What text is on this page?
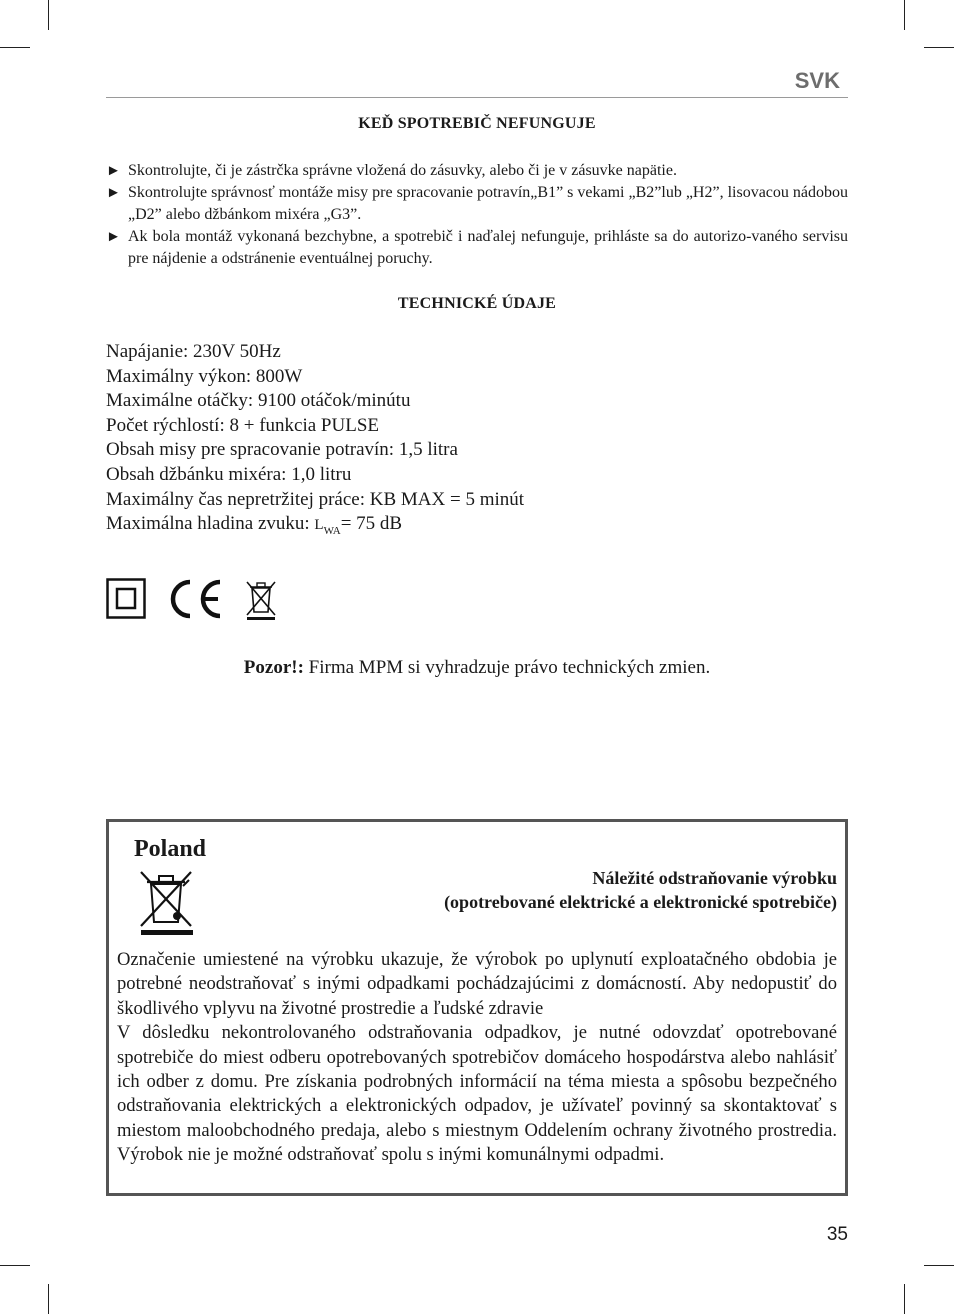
SVK
KEĎ SPOTREBIČ NEFUNGUJE
► Skontrolujte, či je zástrčka správne vložená do zásuvky, alebo či je v zásuvke napätie.
► Skontrolujte správnosť montáže misy pre spracovanie potravín„B1” s vekami „B2”lub „H2”, lisovacou nádobou „D2” alebo džbánkom mixéra „G3”.
► Ak bola montáž vykonaná bezchybne, a spotrebič i naďalej nefunguje, prihláste sa do autorizo-vaného servisu pre nájdenie a odstránenie eventuálnej poruchy.
TECHNICKÉ ÚDAJE
Napájanie: 230V 50Hz
Maximálny výkon: 800W
Maximálne otáčky: 9100 otáčok/minútu
Počet rýchlostí: 8 + funkcia PULSE
Obsah misy pre spracovanie potravín: 1,5 litra
Obsah džbánku mixéra: 1,0 litru
Maximálny čas nepretržitej práce: KB MAX = 5 minút
Maximálna hladina zvuku: $L_{WA}= 75$ dB
Pozor!: Firma MPM si vyhradzuje právo technických zmien.
Poland
Náležité odstraňovanie výrobku
(opotrebované elektrické a elektronické spotrebiče)

Označenie umiestené na výrobku ukazuje, že výrobok po uplynutí exploatačného obdobia je potrebné neodstraňovať s inými odpadkami pochádzajúcimi z domácností. Aby nedopustiť do škodlivého vplyvu na životné prostredie a ľudské zdravie

V dôsledku nekontrolovaného odstraňovania odpadkov, je nutné odovzdať opotrebované spotrebiče do miest odberu opotrebovaných spotrebičov domáceho hospodárstva alebo nahlásiť ich odber z domu. Pre získania podrobných informácií na téma miesta a spôsobu bezpečného odstraňovania elektrických a elektronických odpadov, je užívateľ povinný sa skontaktovať s miestom maloobchodného predaja, alebo s miestnym Oddelením ochrany životného prostredia. Výrobok nie je možné odstraňovať spolu s inými komunálnymi odpadmi.

35
